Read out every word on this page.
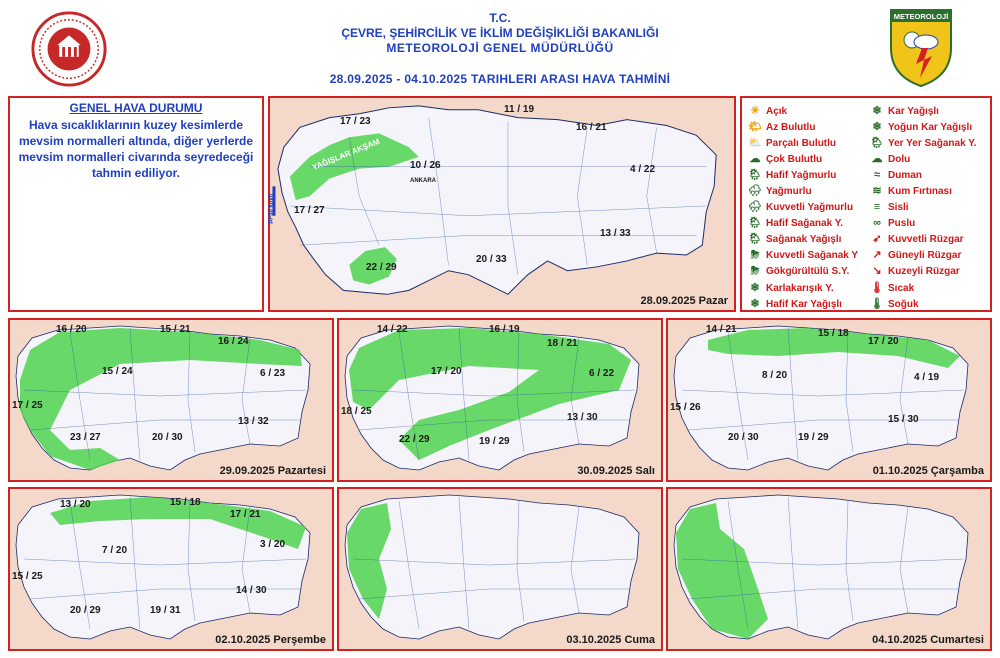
T.C.
ÇEVRE, ŞEHİRCİLİK VE İKLİM DEĞİŞİKLİĞİ BAKANLIĞI
METEOROLOJİ GENEL MÜDÜRLÜĞÜ
28.09.2025 - 04.10.2025 TARIHLERI ARASI HAVA TAHMİNİ
METEOROLOJİ
GENEL HAVA DURUMU
Hava sıcaklıklarının kuzey kesimlerde mevsim normalleri altında, diğer yerlerde mevsim normalleri civarında seyredeceği tahmin ediliyor.
17 / 27
17 / 23
11 / 19
16 / 21
10 / 26	4 / 22
13 / 33
22 / 29
20 / 33
ANKARA
YAĞIŞLAR AKŞAM
30-50 km/h
28.09.2025 Pazar
☀ Açık
🌤 Az Bulutlu
⛅ Parçalı Bulutlu
☁ Çok Bulutlu
🌦 Hafif Yağmurlu
🌧 Yağmurlu
🌧 Kuvvetli Yağmurlu
🌦 Hafif Sağanak Y.
🌦 Sağanak Yağışlı
⛈ Kuvvetli Sağanak Y
⛈ Gökgürültülü S.Y.
❄ Karlakarışık Y.
❄ Hafif Kar Yağışlı
❄ Kar Yağışlı
❄ Yoğun Kar Yağışlı
🌦 Yer Yer Sağanak Y.
☁ Dolu
≈ Duman
≋ Kum Fırtınası
≡ Sisli
∞ Puslu
➶ Kuvvetli Rüzgar
↗ Güneyli Rüzgar
↘ Kuzeyli Rüzgar
🌡 Sıcak
🌡 Soğuk
29.09.2025 Pazartesi
16 / 20	15 / 21
16 / 24
15 / 24	6 / 23
17 / 25
13 / 32
23 / 27	20 / 30
30.09.2025 Salı
14 / 22	16 / 19
18 / 21
17 / 20	6 / 22
18 / 25
13 / 30
22 / 29	19 / 29
01.10.2025 Çarşamba
14 / 21	15 / 18
17 / 20
8 / 20	4 / 19
15 / 26
15 / 30
20 / 30	19 / 29
02.10.2025 Perşembe
13 / 20	15 / 18
17 / 21
7 / 20
3 / 20
15 / 25
14 / 30
20 / 29	19 / 31
03.10.2025 Cuma	04.10.2025 Cumartesi
